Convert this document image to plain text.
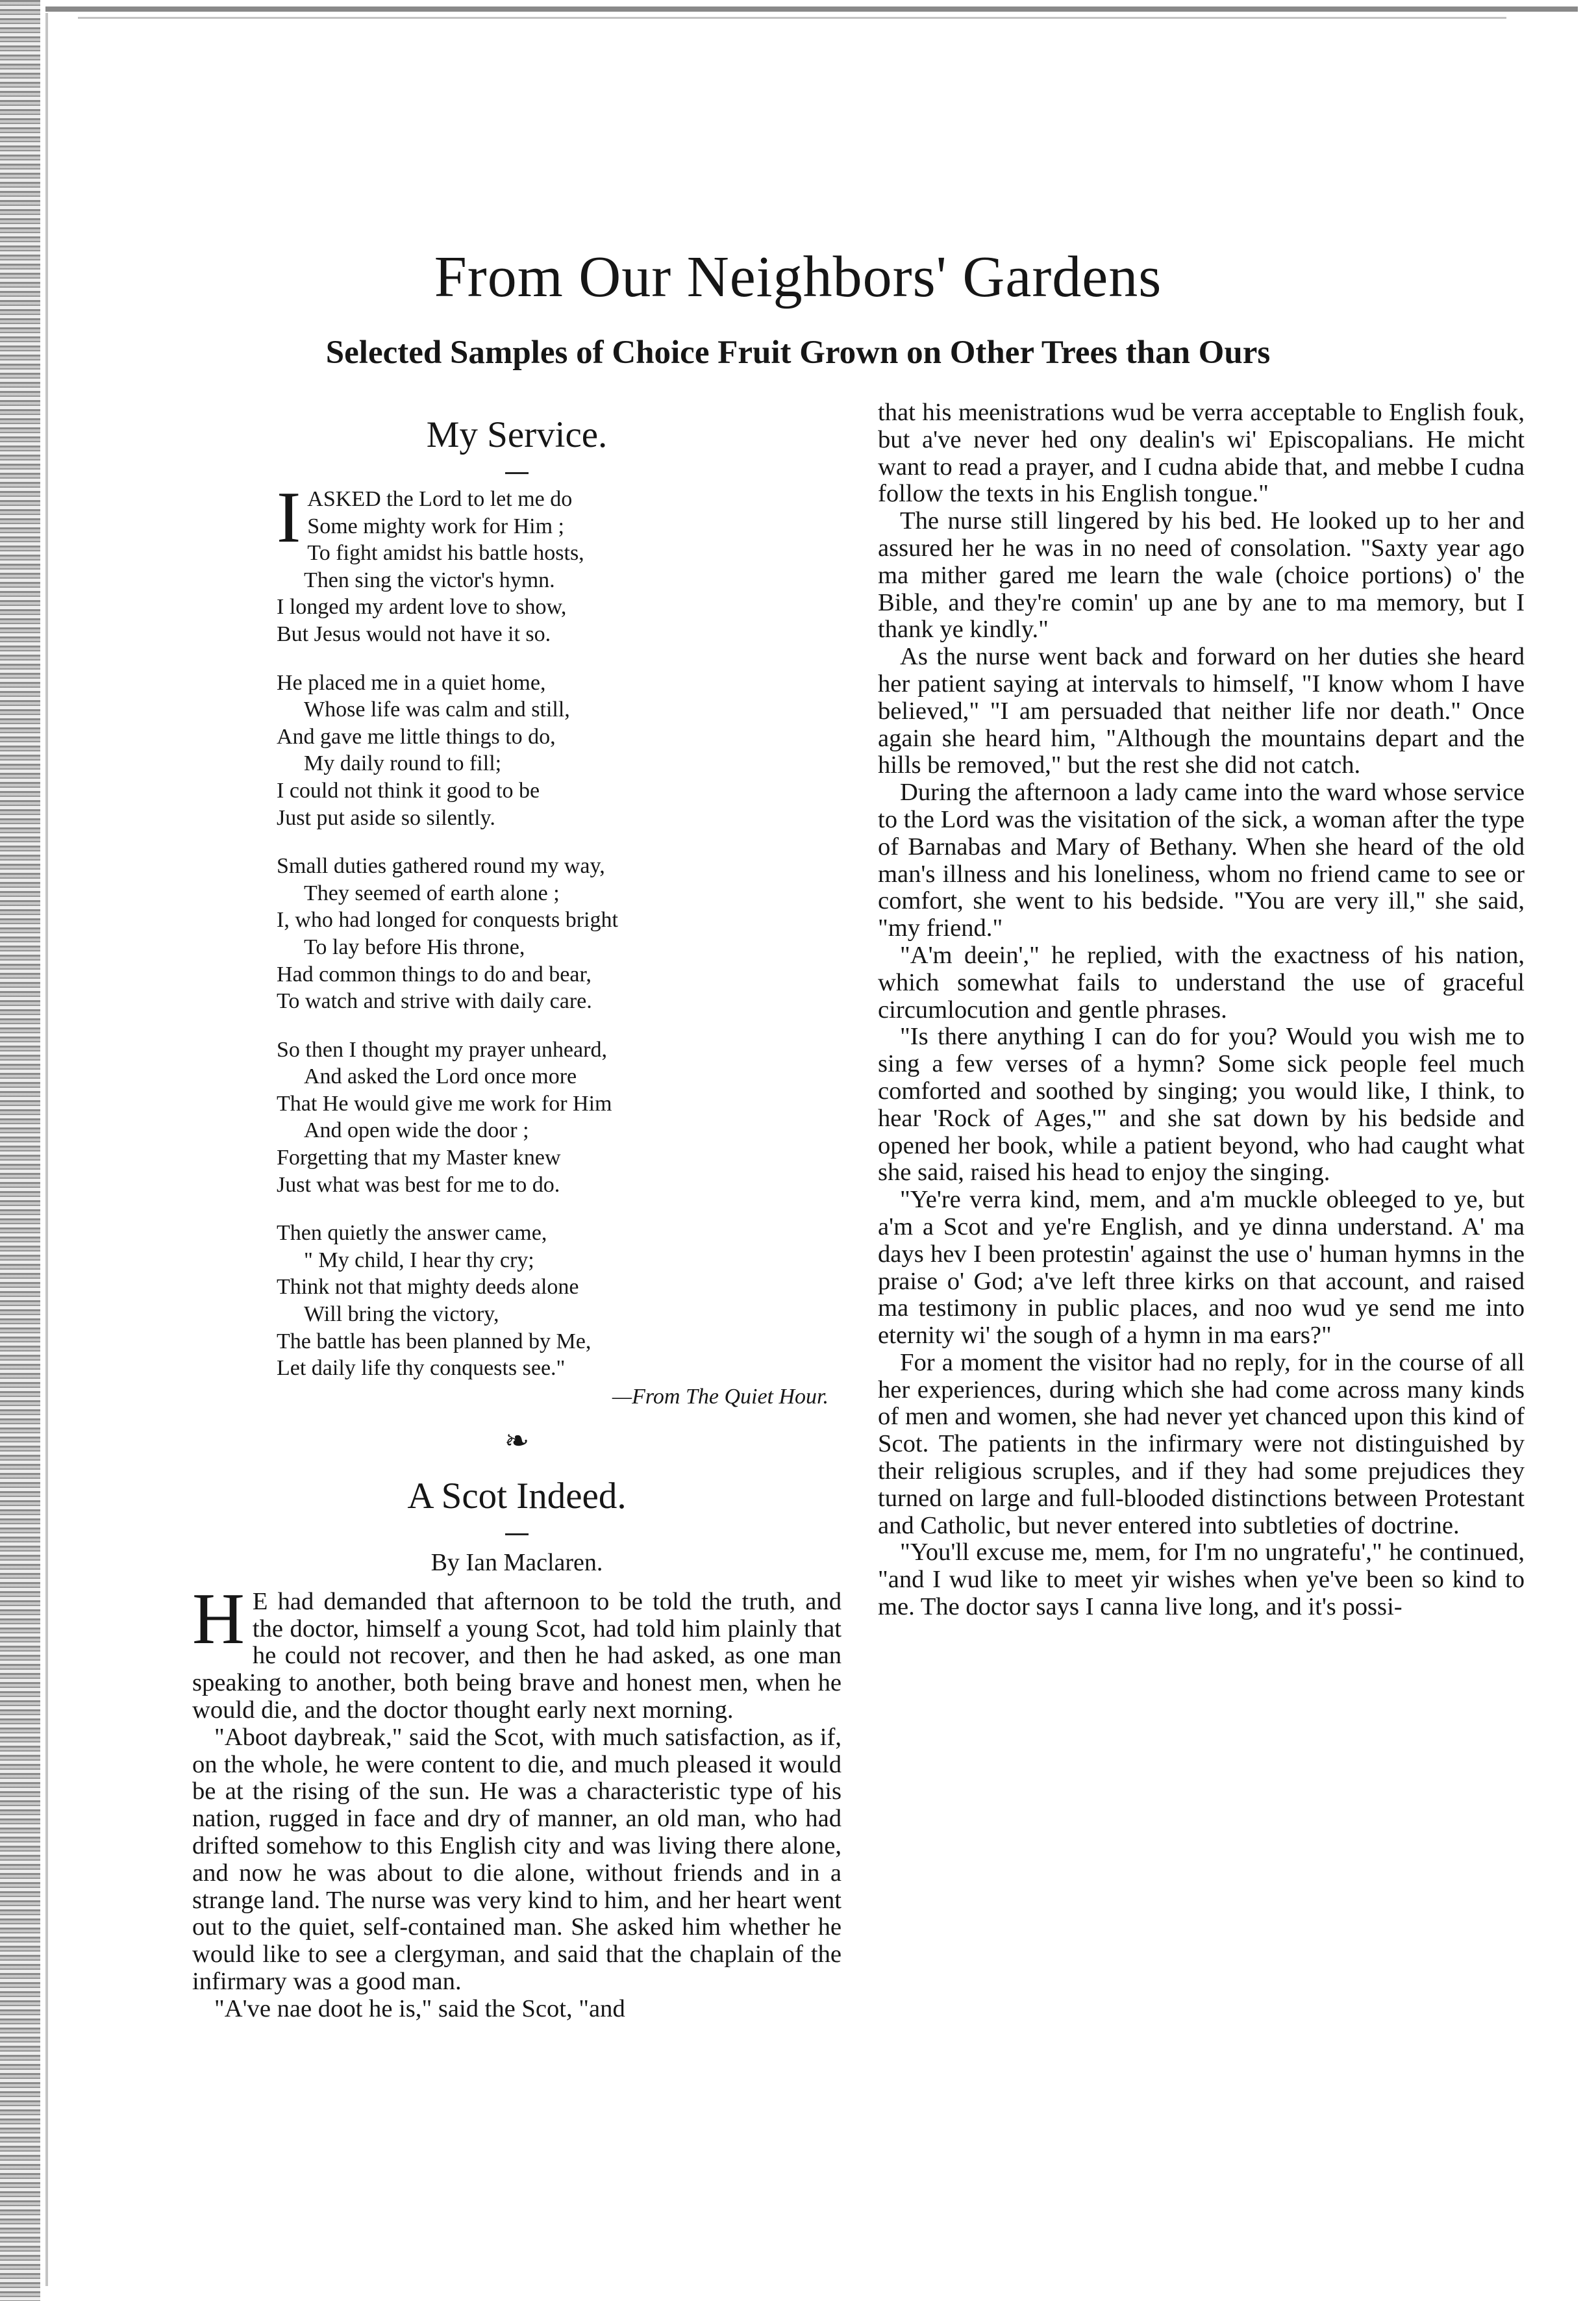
From Our Neighbors' Gardens
Selected Samples of Choice Fruit Grown on Other Trees than Ours
My Service.
IASKED the Lord to let me do
Some mighty work for Him ;
To fight amidst his battle hosts,
Then sing the victor's hymn.
I longed my ardent love to show,
But Jesus would not have it so.
He placed me in a quiet home,
Whose life was calm and still,
And gave me little things to do,
My daily round to fill;
I could not think it good to be
Just put aside so silently.
Small duties gathered round my way,
They seemed of earth alone ;
I, who had longed for conquests bright
To lay before His throne,
Had common things to do and bear,
To watch and strive with daily care.
So then I thought my prayer unheard,
And asked the Lord once more
That He would give me work for Him
And open wide the door ;
Forgetting that my Master knew
Just what was best for me to do.
Then quietly the answer came,
" My child, I hear thy cry;
Think not that mighty deeds alone
Will bring the victory,
The battle has been planned by Me,
Let daily life thy conquests see."
—From The Quiet Hour.
❧
A Scot Indeed.
By Ian Maclaren.

HE had demanded that afternoon to be told the truth, and the doctor, himself a young Scot, had told him plainly that he could not recover, and then he had asked, as one man speaking to another, both being brave and honest men, when he would die, and the doctor thought early next morning.

"Aboot daybreak," said the Scot, with much satisfaction, as if, on the whole, he were content to die, and much pleased it would be at the rising of the sun. He was a characteristic type of his nation, rugged in face and dry of manner, an old man, who had drifted somehow to this English city and was living there alone, and now he was about to die alone, without friends and in a strange land. The nurse was very kind to him, and her heart went out to the quiet, self-contained man. She asked him whether he would like to see a clergyman, and said that the chaplain of the infirmary was a good man.

"A've nae doot he is," said the Scot, "and

that his meenistrations wud be verra acceptable to English fouk, but a've never hed ony dealin's wi' Episcopalians. He micht want to read a prayer, and I cudna abide that, and mebbe I cudna follow the texts in his English tongue."

The nurse still lingered by his bed. He looked up to her and assured her he was in no need of consolation. "Saxty year ago ma mither gared me learn the wale (choice portions) o' the Bible, and they're comin' up ane by ane to ma memory, but I thank ye kindly."

As the nurse went back and forward on her duties she heard her patient saying at intervals to himself, "I know whom I have believed," "I am persuaded that neither life nor death." Once again she heard him, "Although the mountains depart and the hills be removed," but the rest she did not catch.

During the afternoon a lady came into the ward whose service to the Lord was the visitation of the sick, a woman after the type of Barnabas and Mary of Bethany. When she heard of the old man's illness and his loneliness, whom no friend came to see or comfort, she went to his bedside. "You are very ill," she said, "my friend."

"A'm deein'," he replied, with the exactness of his nation, which somewhat fails to understand the use of graceful circumlocution and gentle phrases.

"Is there anything I can do for you? Would you wish me to sing a few verses of a hymn? Some sick people feel much comforted and soothed by singing; you would like, I think, to hear 'Rock of Ages,'" and she sat down by his bedside and opened her book, while a patient beyond, who had caught what she said, raised his head to enjoy the singing.

"Ye're verra kind, mem, and a'm muckle obleeged to ye, but a'm a Scot and ye're English, and ye dinna understand. A' ma days hev I been protestin' against the use o' human hymns in the praise o' God; a've left three kirks on that account, and raised ma testimony in public places, and noo wud ye send me into eternity wi' the sough of a hymn in ma ears?"

For a moment the visitor had no reply, for in the course of all her experiences, during which she had come across many kinds of men and women, she had never yet chanced upon this kind of Scot. The patients in the infirmary were not distinguished by their religious scruples, and if they had some prejudices they turned on large and full-blooded distinctions between Protestant and Catholic, but never entered into subtleties of doctrine.

"You'll excuse me, mem, for I'm no ungratefu'," he continued, "and I wud like to meet yir wishes when ye've been so kind to me. The doctor says I canna live long, and it's possi-
